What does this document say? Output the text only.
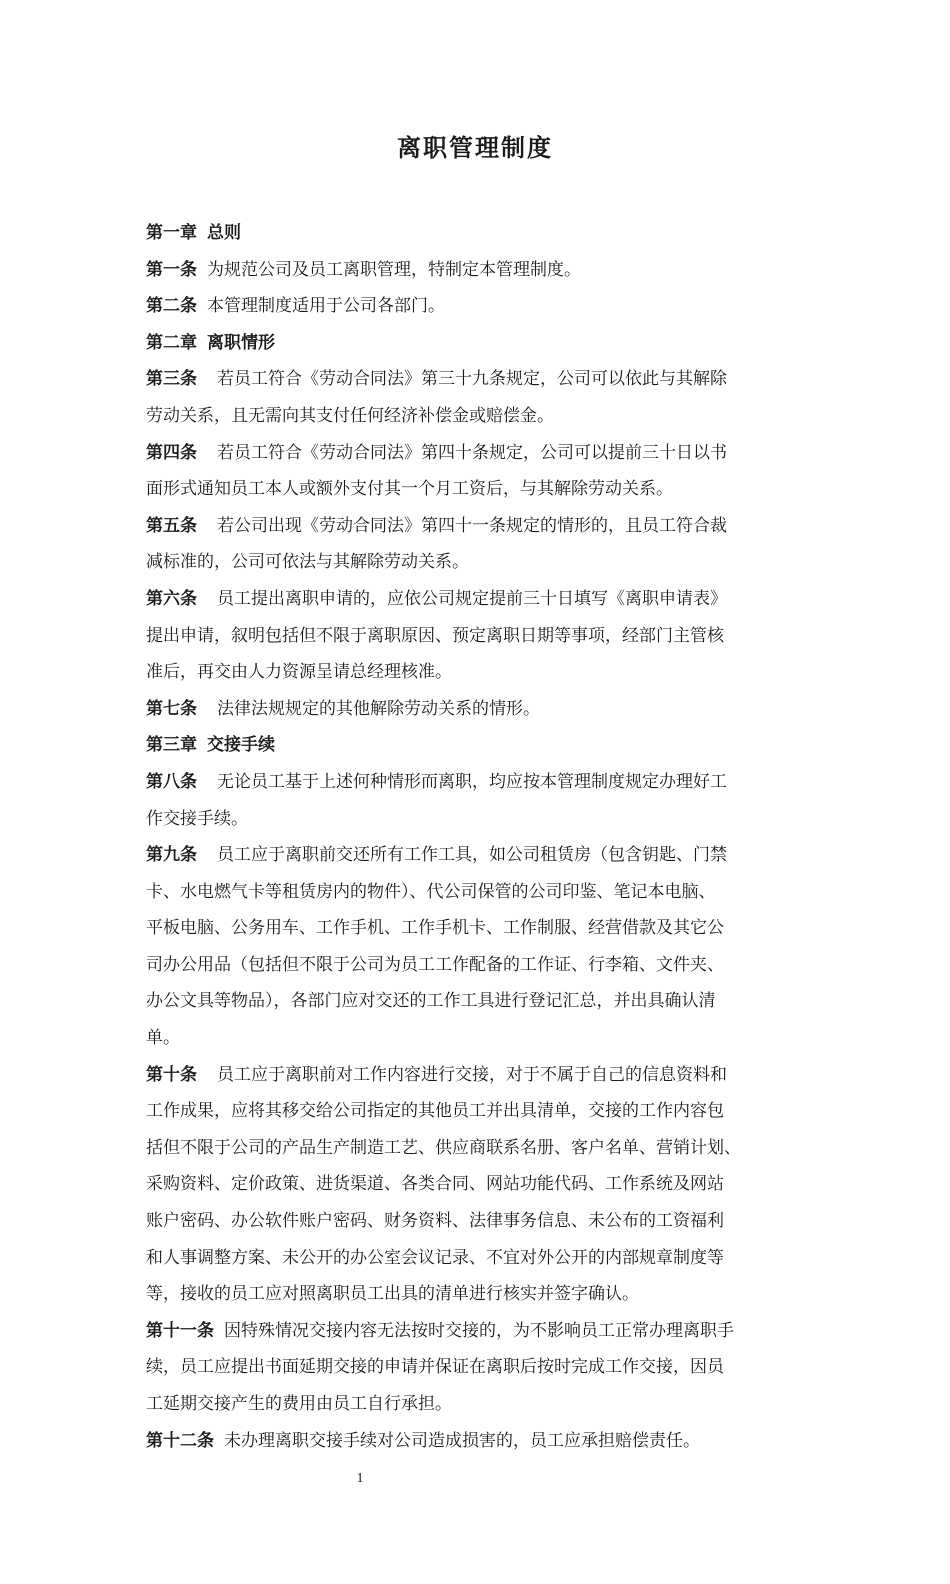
离职管理制度

第一章 总则

第一条 为规范公司及员工离职管理，特制定本管理制度。

第二条 本管理制度适用于公司各部门。

第二章 离职情形

第三条 若员工符合《劳动合同法》第三十九条规定，公司可以依此与其解除

劳动关系，且无需向其支付任何经济补偿金或赔偿金。

第四条 若员工符合《劳动合同法》第四十条规定，公司可以提前三十日以书

面形式通知员工本人或额外支付其一个月工资后，与其解除劳动关系。

第五条 若公司出现《劳动合同法》第四十一条规定的情形的，且员工符合裁

减标准的，公司可依法与其解除劳动关系。

第六条 员工提出离职申请的，应依公司规定提前三十日填写《离职申请表》

提出申请，叙明包括但不限于离职原因、预定离职日期等事项，经部门主管核

准后，再交由人力资源呈请总经理核准。

第七条 法律法规规定的其他解除劳动关系的情形。

第三章 交接手续

第八条 无论员工基于上述何种情形而离职，均应按本管理制度规定办理好工

作交接手续。

第九条 员工应于离职前交还所有工作工具，如公司租赁房（包含钥匙、门禁

卡、水电燃气卡等租赁房内的物件）、代公司保管的公司印鉴、笔记本电脑、

平板电脑、公务用车、工作手机、工作手机卡、工作制服、经营借款及其它公

司办公用品（包括但不限于公司为员工工作配备的工作证、行李箱、文件夹、

办公文具等物品），各部门应对交还的工作工具进行登记汇总，并出具确认清

单。

第十条 员工应于离职前对工作内容进行交接，对于不属于自己的信息资料和

工作成果，应将其移交给公司指定的其他员工并出具清单，交接的工作内容包

括但不限于公司的产品生产制造工艺、供应商联系名册、客户名单、营销计划、

采购资料、定价政策、进货渠道、各类合同、网站功能代码、工作系统及网站

账户密码、办公软件账户密码、财务资料、法律事务信息、未公布的工资福利

和人事调整方案、未公开的办公室会议记录、不宜对外公开的内部规章制度等

等，接收的员工应对照离职员工出具的清单进行核实并签字确认。

第十一条 因特殊情况交接内容无法按时交接的，为不影响员工正常办理离职手

续，员工应提出书面延期交接的申请并保证在离职后按时完成工作交接，因员

工延期交接产生的费用由员工自行承担。

第十二条 未办理离职交接手续对公司造成损害的，员工应承担赔偿责任。

1
